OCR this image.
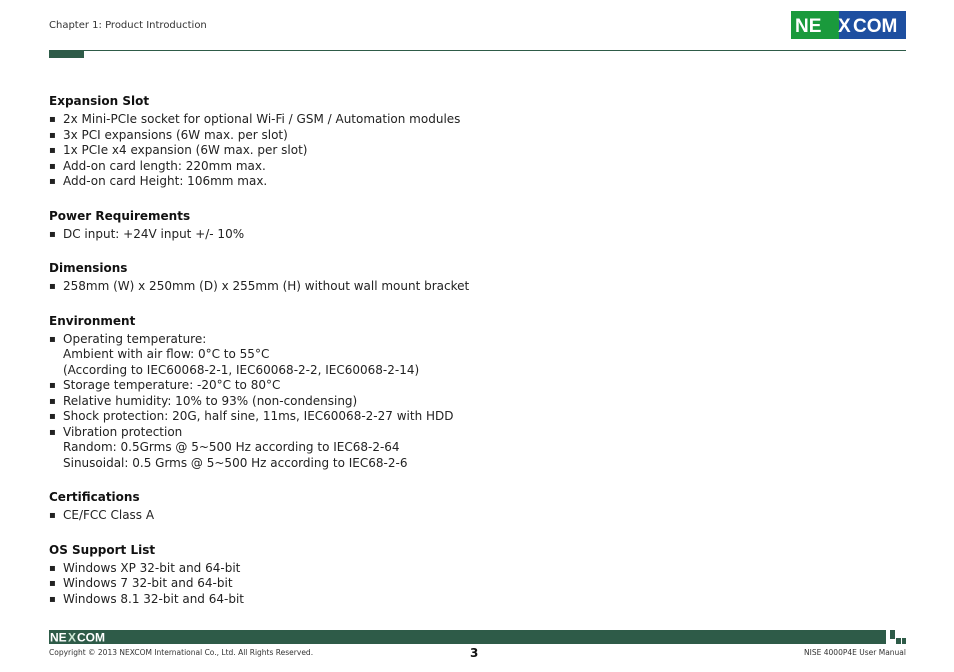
Chapter 1: Product Introduction	NE X COM
Expansion Slot
▪ 2x Mini-PCIe socket for optional Wi-Fi / GSM / Automation modules
▪ 3x PCI expansions (6W max. per slot)
▪ 1x PCIe x4 expansion (6W max. per slot)
▪ Add-on card length: 220mm max.
▪ Add-on card Height: 106mm max.
Power Requirements
▪ DC input: +24V input +/- 10%
Dimensions
▪ 258mm (W) x 250mm (D) x 255mm (H) without wall mount bracket
Environment
▪ Operating temperature:
Ambient with air flow: 0°C to 55°C
(According to IEC60068-2-1, IEC60068-2-2, IEC60068-2-14)
▪ Storage temperature: -20°C to 80°C
▪ Relative humidity: 10% to 93% (non-condensing)
▪ Shock protection: 20G, half sine, 11ms, IEC60068-2-27 with HDD
▪ Vibration protection
Random: 0.5Grms @ 5~500 Hz according to IEC68-2-64
Sinusoidal: 0.5 Grms @ 5~500 Hz according to IEC68-2-6
Certifications
▪ CE/FCC Class A
OS Support List
▪ Windows XP 32-bit and 64-bit
▪ Windows 7 32-bit and 64-bit
▪ Windows 8.1 32-bit and 64-bit
NE X COM
Copyright © 2013 NEXCOM International Co., Ltd. All Rights Reserved.	3	NISE 4000P4E User Manual
